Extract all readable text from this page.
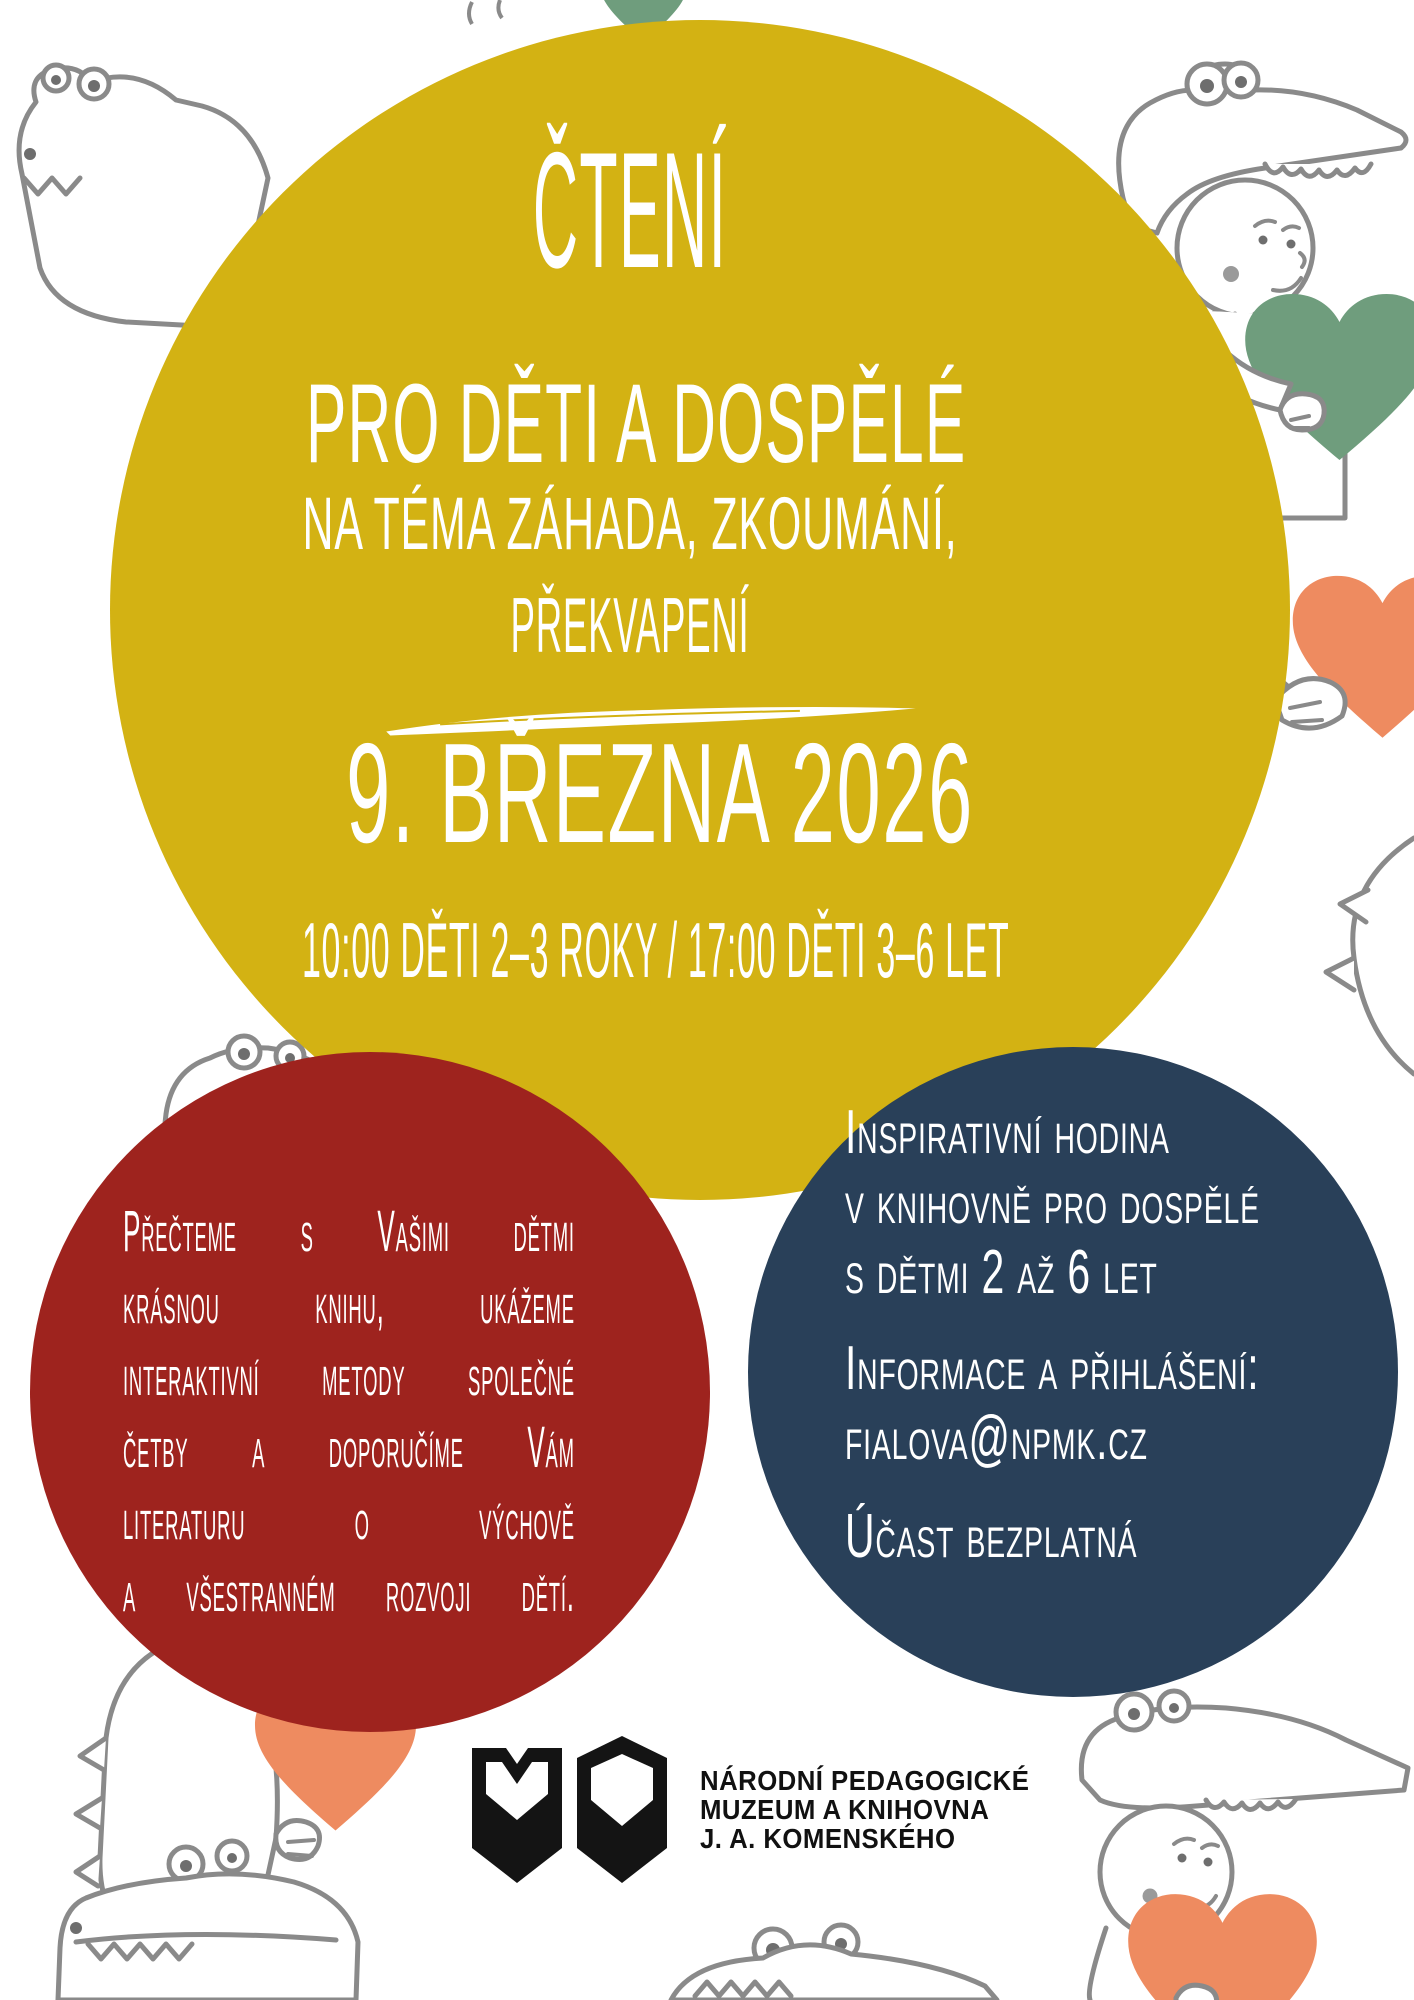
ČTENÍ
PRO DĚTI A DOSPĚLÉ
NA TÉMA ZÁHADA, ZKOUMÁNÍ,
PŘEKVAPENÍ
9. BŘEZNA 2026
10:00 DĚTI 2–3 ROKY / 17:00 DĚTI 3–6 LET
Přečteme s Vašimi dětmi
krásnou knihu, ukážeme
interaktivní metody společné
četby a doporučíme Vám
literaturu o výchově
a všestranném rozvoji dětí.
Inspirativní hodina
v knihovně pro dospělé
s dětmi 2 až 6 let
Informace a přihlášení:
fialova@npmk.cz
Účast bezplatná
NÁRODNÍ PEDAGOGICKÉ
MUZEUM A KNIHOVNA
J. A. KOMENSKÉHO
